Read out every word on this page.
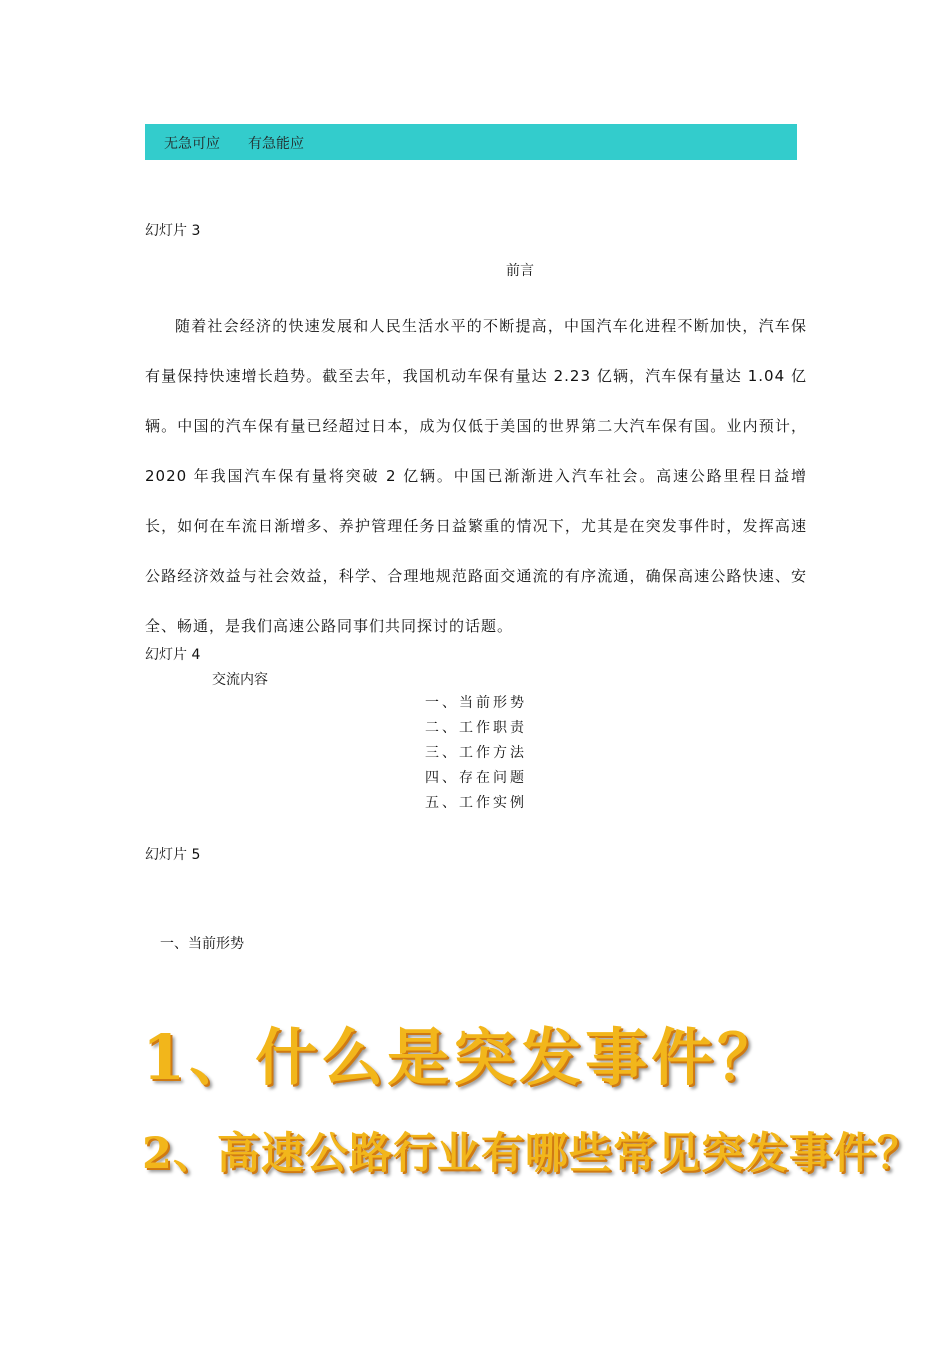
无急可应 有急能应
幻灯片 3
前言

随着社会经济的快速发展和人民生活水平的不断提高，中国汽车化进程不断加快，汽车保有量保持快速增长趋势。截至去年，我国机动车保有量达 2.23 亿辆，汽车保有量达 1.04 亿辆。中国的汽车保有量已经超过日本，成为仅低于美国的世界第二大汽车保有国。业内预计，2020 年我国汽车保有量将突破 2 亿辆。中国已渐渐进入汽车社会。高速公路里程日益增长，如何在车流日渐增多、养护管理任务日益繁重的情况下，尤其是在突发事件时，发挥高速公路经济效益与社会效益，科学、合理地规范路面交通流的有序流通，确保高速公路快速、安全、畅通，是我们高速公路同事们共同探讨的话题。

幻灯片 4
交流内容
一、当前形势
二、工作职责
三、工作方法
四、存在问题
五、工作实例
幻灯片 5
一、当前形势
1、什么是突发事件？
2、高速公路行业有哪些常见突发事件？
